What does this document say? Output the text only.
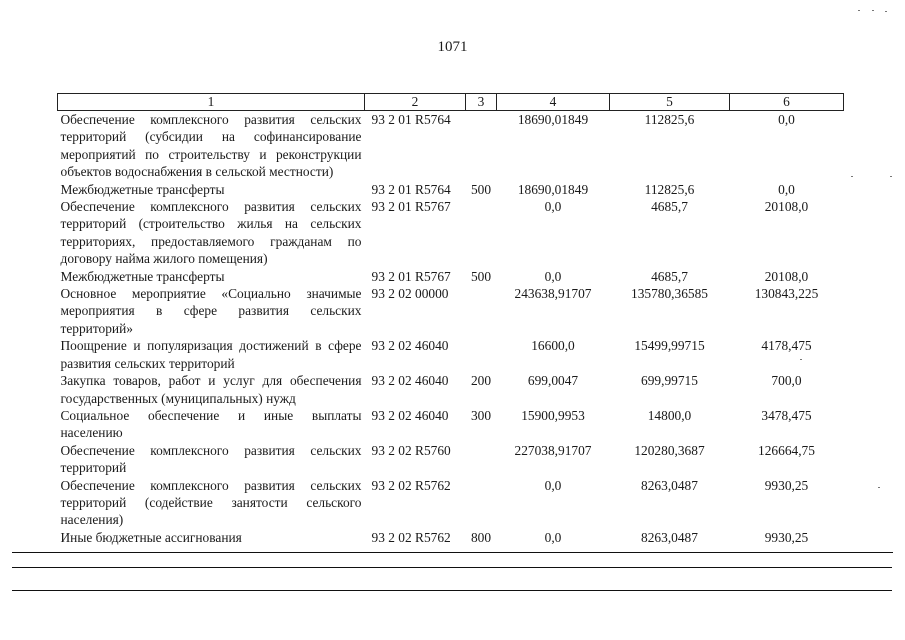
1071
1	2	3	4	5	6
Обеспечение комплексного развития сельских территорий (субсидии на софинансирование мероприятий по строительству и реконструкции объектов водоснабжения в сельской местности)	93 2 01 R5764		18690,01849	112825,6	0,0
Межбюджетные трансферты	93 2 01 R5764	500	18690,01849	112825,6	0,0
Обеспечение комплексного развития сельских территорий (строительство жилья на сельских территориях, предоставляемого гражданам по договору найма жилого помещения)	93 2 01 R5767		0,0	4685,7	20108,0
Межбюджетные трансферты	93 2 01 R5767	500	0,0	4685,7	20108,0
Основное мероприятие «Социально значимые мероприятия в сфере развития сельских территорий»	93 2 02 00000		243638,91707	135780,36585	130843,225
Поощрение и популяризация достижений в сфере развития сельских территорий	93 2 02 46040		16600,0	15499,99715	4178,475
Закупка товаров, работ и услуг для обеспечения государственных (муниципальных) нужд	93 2 02 46040	200	699,0047	699,99715	700,0
Социальное обеспечение и иные выплаты населению	93 2 02 46040	300	15900,9953	14800,0	3478,475
Обеспечение комплексного развития сельских территорий	93 2 02 R5760		227038,91707	120280,3687	126664,75
Обеспечение комплексного развития сельских территорий (содействие занятости сельского населения)	93 2 02 R5762		0,0	8263,0487	9930,25
Иные бюджетные ассигнования	93 2 02 R5762	800	0,0	8263,0487	9930,25
